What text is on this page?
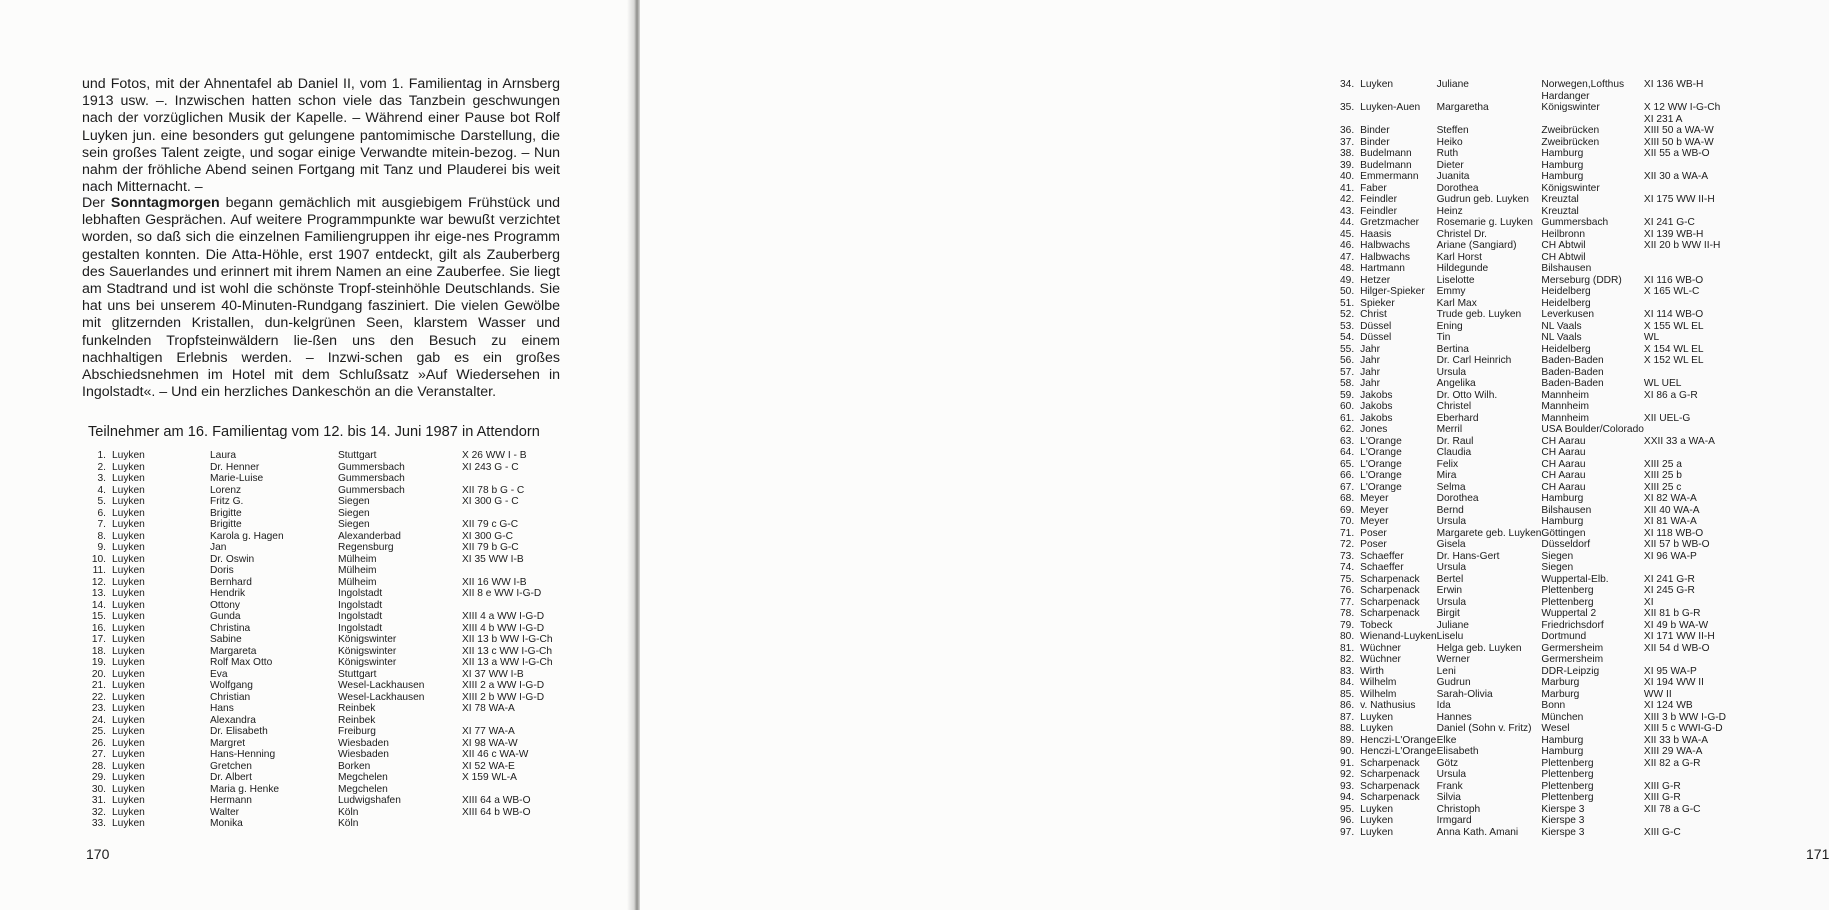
und Fotos, mit der Ahnentafel ab Daniel II, vom 1. Familientag in Arnsberg 1913 usw. –. Inzwischen hatten schon viele das Tanzbein geschwungen nach der vorzüglichen Musik der Kapelle. – Während einer Pause bot Rolf Luyken jun. eine besonders gut gelungene pantomimische Darstellung, die sein großes Talent zeigte, und sogar einige Verwandte mitein-bezog. – Nun nahm der fröhliche Abend seinen Fortgang mit Tanz und Plauderei bis weit nach Mitternacht. –

Der Sonntagmorgen begann gemächlich mit ausgiebigem Frühstück und lebhaften Gesprächen. Auf weitere Programmpunkte war bewußt verzichtet worden, so daß sich die einzelnen Familiengruppen ihr eige-nes Programm gestalten konnten. Die Atta-Höhle, erst 1907 entdeckt, gilt als Zauberberg des Sauerlandes und erinnert mit ihrem Namen an eine Zauberfee. Sie liegt am Stadtrand und ist wohl die schönste Tropf-steinhöhle Deutschlands. Sie hat uns bei unserem 40-Minuten-Rundgang fasziniert. Die vielen Gewölbe mit glitzernden Kristallen, dun-kelgrünen Seen, klarstem Wasser und funkelnden Tropfsteinwäldern lie-ßen uns den Besuch zu einem nachhaltigen Erlebnis werden. – Inzwi-schen gab es ein großes Abschiedsnehmen im Hotel mit dem Schlußsatz »Auf Wiedersehen in Ingolstadt«. – Und ein herzliches Dankeschön an die Veranstalter.

Teilnehmer am 16. Familientag vom 12. bis 14. Juni 1987 in Attendorn

1.	Luyken	Laura	Stuttgart	X 26 WW I - B
2.	Luyken	Dr. Henner	Gummersbach	XI 243 G - C
3.	Luyken	Marie-Luise	Gummersbach	
4.	Luyken	Lorenz	Gummersbach	XII 78 b G - C
5.	Luyken	Fritz G.	Siegen	XI 300 G - C
6.	Luyken	Brigitte	Siegen	
7.	Luyken	Brigitte	Siegen	XII 79 c G-C
8.	Luyken	Karola g. Hagen	Alexanderbad	XI 300 G-C
9.	Luyken	Jan	Regensburg	XII 79 b G-C
10.	Luyken	Dr. Oswin	Mülheim	XI 35 WW I-B
11.	Luyken	Doris	Mülheim	
12.	Luyken	Bernhard	Mülheim	XII 16 WW I-B
13.	Luyken	Hendrik	Ingolstadt	XII 8 e WW I-G-D
14.	Luyken	Ottony	Ingolstadt	
15.	Luyken	Gunda	Ingolstadt	XIII 4 a WW I-G-D
16.	Luyken	Christina	Ingolstadt	XIII 4 b WW I-G-D
17.	Luyken	Sabine	Königswinter	XII 13 b WW I-G-Ch
18.	Luyken	Margareta	Königswinter	XII 13 c WW I-G-Ch
19.	Luyken	Rolf Max Otto	Königswinter	XII 13 a WW I-G-Ch
20.	Luyken	Eva	Stuttgart	XI 37 WW I-B
21.	Luyken	Wolfgang	Wesel-Lackhausen	XIII 2 a WW I-G-D
22.	Luyken	Christian	Wesel-Lackhausen	XIII 2 b WW I-G-D
23.	Luyken	Hans	Reinbek	XI 78 WA-A
24.	Luyken	Alexandra	Reinbek	
25.	Luyken	Dr. Elisabeth	Freiburg	XI 77 WA-A
26.	Luyken	Margret	Wiesbaden	XI 98 WA-W
27.	Luyken	Hans-Henning	Wiesbaden	XII 46 c WA-W
28.	Luyken	Gretchen	Borken	XI 52 WA-E
29.	Luyken	Dr. Albert	Megchelen	X 159 WL-A
30.	Luyken	Maria g. Henke	Megchelen	
31.	Luyken	Hermann	Ludwigshafen	XIII 64 a WB-O
32.	Luyken	Walter	Köln	XIII 64 b WB-O
33.	Luyken	Monika	Köln	
170
34.	Luyken	Juliane	Norwegen,Lofthus	XI 136 WB-H
			Hardanger	
35.	Luyken-Auen	Margaretha	Königswinter	X 12 WW I-G-Ch
				XI 231 A
36.	Binder	Steffen	Zweibrücken	XIII 50 a WA-W
37.	Binder	Heiko	Zweibrücken	XIII 50 b WA-W
38.	Budelmann	Ruth	Hamburg	XII 55 a WB-O
39.	Budelmann	Dieter	Hamburg	
40.	Emmermann	Juanita	Hamburg	XII 30 a WA-A
41.	Faber	Dorothea	Königswinter	
42.	Feindler	Gudrun geb. Luyken	Kreuztal	XI 175 WW II-H
43.	Feindler	Heinz	Kreuztal	
44.	Gretzmacher	Rosemarie g. Luyken	Gummersbach	XI 241 G-C
45.	Haasis	Christel Dr.	Heilbronn	XI 139 WB-H
46.	Halbwachs	Ariane (Sangiard)	CH Abtwil	XII 20 b WW II-H
47.	Halbwachs	Karl Horst	CH Abtwil	
48.	Hartmann	Hildegunde	Bilshausen	
49.	Hetzer	Liselotte	Merseburg (DDR)	XI 116 WB-O
50.	Hilger-Spieker	Emmy	Heidelberg	X 165 WL-C
51.	Spieker	Karl Max	Heidelberg	
52.	Christ	Trude geb. Luyken	Leverkusen	XI 114 WB-O
53.	Düssel	Ening	NL Vaals	X 155 WL EL
54.	Düssel	Tin	NL Vaals	WL
55.	Jahr	Bertina	Heidelberg	X 154 WL EL
56.	Jahr	Dr. Carl Heinrich	Baden-Baden	X 152 WL EL
57.	Jahr	Ursula	Baden-Baden	
58.	Jahr	Angelika	Baden-Baden	WL UEL
59.	Jakobs	Dr. Otto Wilh.	Mannheim	XI 86 a G-R
60.	Jakobs	Christel	Mannheim	
61.	Jakobs	Eberhard	Mannheim	XII UEL-G
62.	Jones	Merril	USA Boulder/Colorado	
63.	L'Orange	Dr. Raul	CH Aarau	XXII 33 a WA-A
64.	L'Orange	Claudia	CH Aarau	
65.	L'Orange	Felix	CH Aarau	XIII 25 a
66.	L'Orange	Mira	CH Aarau	XIII 25 b
67.	L'Orange	Selma	CH Aarau	XIII 25 c
68.	Meyer	Dorothea	Hamburg	XI 82 WA-A
69.	Meyer	Bernd	Bilshausen	XII 40 WA-A
70.	Meyer	Ursula	Hamburg	XI 81 WA-A
71.	Poser	Margarete geb. Luyken	Göttingen	XI 118 WB-O
72.	Poser	Gisela	Düsseldorf	XII 57 b WB-O
73.	Schaeffer	Dr. Hans-Gert	Siegen	XI 96 WA-P
74.	Schaeffer	Ursula	Siegen	
75.	Scharpenack	Bertel	Wuppertal-Elb.	XI 241 G-R
76.	Scharpenack	Erwin	Plettenberg	XI 245 G-R
77.	Scharpenack	Ursula	Plettenberg	XI
78.	Scharpenack	Birgit	Wuppertal 2	XII 81 b G-R
79.	Tobeck	Juliane	Friedrichsdorf	XI 49 b WA-W
80.	Wienand-Luyken	Liselu	Dortmund	XI 171 WW II-H
81.	Wüchner	Helga geb. Luyken	Germersheim	XII 54 d WB-O
82.	Wüchner	Werner	Germersheim	
83.	Wirth	Leni	DDR-Leipzig	XI 95 WA-P
84.	Wilhelm	Gudrun	Marburg	XI 194 WW II
85.	Wilhelm	Sarah-Olivia	Marburg	WW II
86.	v. Nathusius	Ida	Bonn	XI 124 WB
87.	Luyken	Hannes	München	XIII 3 b WW I-G-D
88.	Luyken	Daniel (Sohn v. Fritz)	Wesel	XIII 5 c WWI-G-D
89.	Henczi-L'Orange	Elke	Hamburg	XII 33 b WA-A
90.	Henczi-L'Orange	Elisabeth	Hamburg	XIII 29 WA-A
91.	Scharpenack	Götz	Plettenberg	XII 82 a G-R
92.	Scharpenack	Ursula	Plettenberg	
93.	Scharpenack	Frank	Plettenberg	XIII G-R
94.	Scharpenack	Silvia	Plettenberg	XIII G-R
95.	Luyken	Christoph	Kierspe 3	XII 78 a G-C
96.	Luyken	Irmgard	Kierspe 3	
97.	Luyken	Anna Kath. Amani	Kierspe 3	XIII G-C
171
